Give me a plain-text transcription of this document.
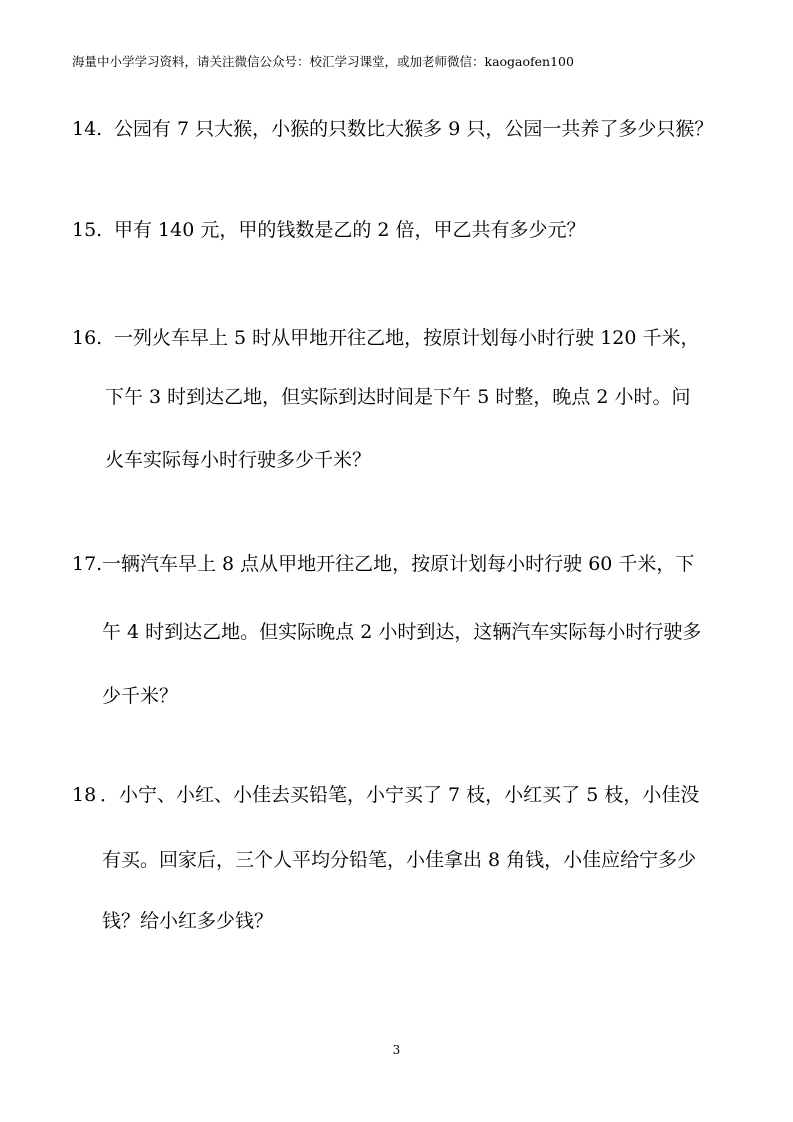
海量中小学学习资料，请关注微信公众号：校汇学习课堂，或加老师微信：kaogaofen100
14. 公园有 7 只大猴，小猴的只数比大猴多 9 只，公园一共养了多少只猴？
15. 甲有 140 元，甲的钱数是乙的 2 倍，甲乙共有多少元？
16. 一列火车早上 5 时从甲地开往乙地，按原计划每小时行驶 120 千米，
下午 3 时到达乙地，但实际到达时间是下午 5 时整，晚点 2 小时。问
火车实际每小时行驶多少千米？
17.一辆汽车早上 8 点从甲地开往乙地，按原计划每小时行驶 60 千米，下
午 4 时到达乙地。但实际晚点 2 小时到达，这辆汽车实际每小时行驶多
少千米？
18 ．小宁、小红、小佳去买铅笔，小宁买了 7 枝，小红买了 5 枝，小佳没
有买。回家后，三个人平均分铅笔，小佳拿出 8 角钱，小佳应给宁多少
钱？给小红多少钱？
3
